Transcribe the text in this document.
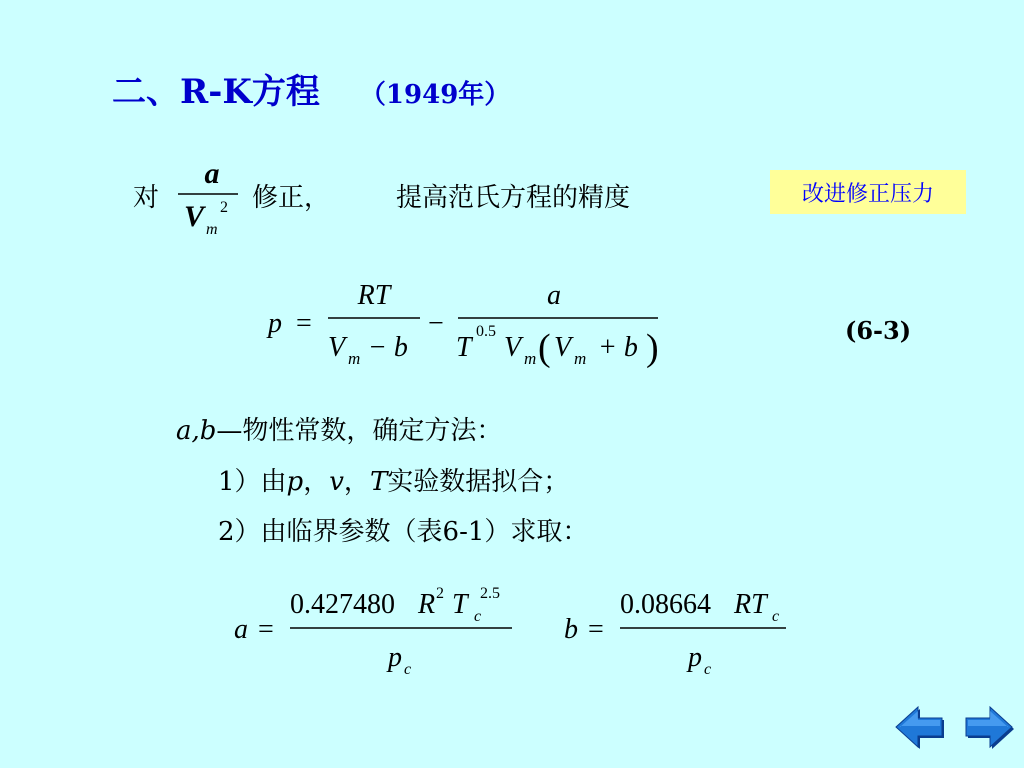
二、R-K方程 （1949年）
对
a
V 2
m
修正，	提高范氏方程的精度	改进修正压力
p =
RT
V m − b
−
a
T
0.5
V m ( V m + b )	(6-3)
a,b—物性常数，确定方法：
1）由p，v，T实验数据拟合；
2）由临界参数（表6-1）求取：
a =
0.427480 R 2 T 2.5
c
p c
b =
0.08664 RT c
p c
